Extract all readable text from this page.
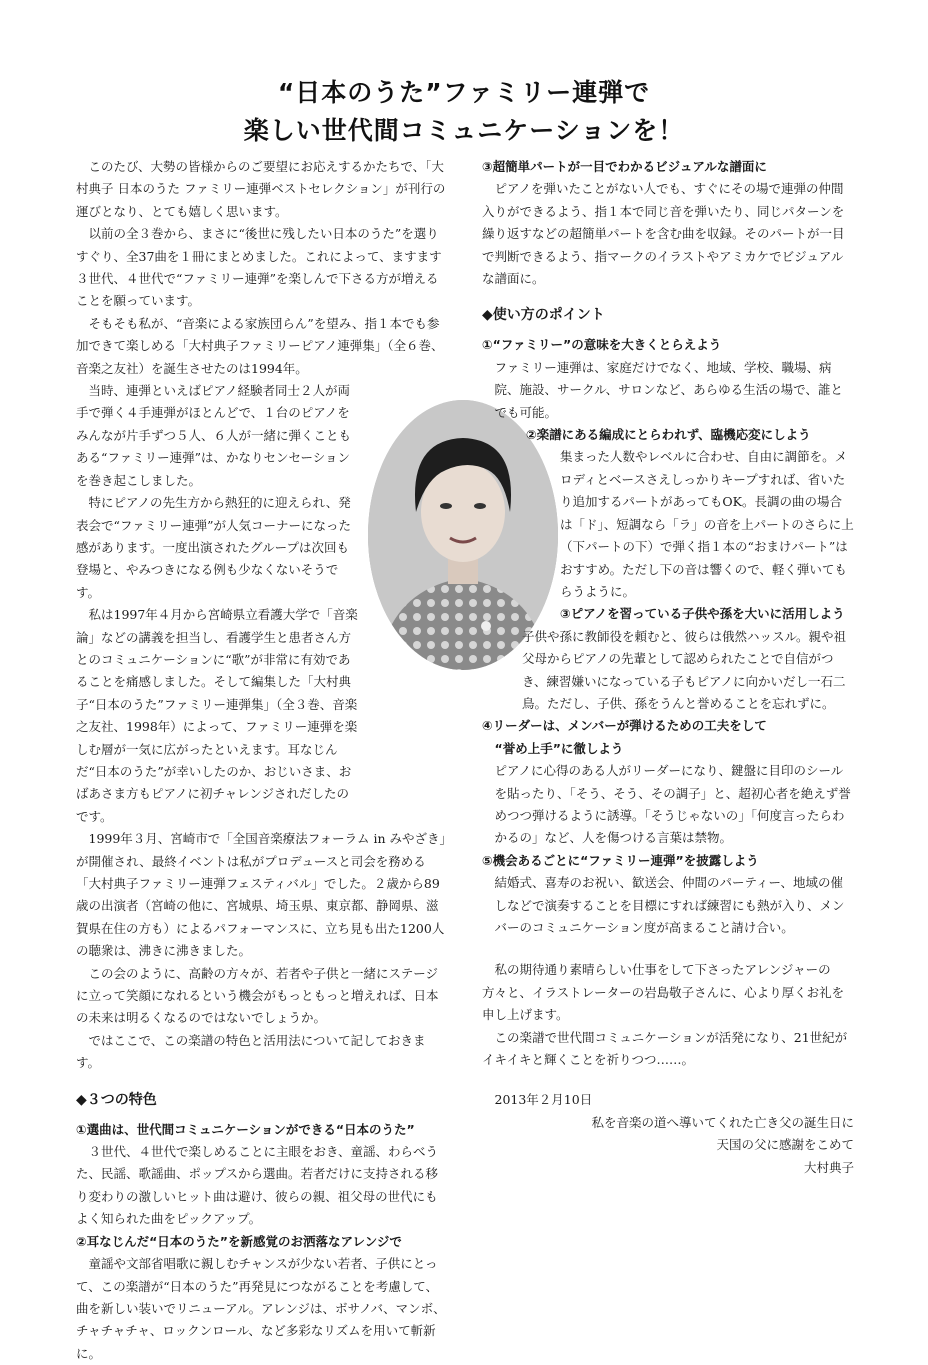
“日本のうた”ファミリー連弾で
楽しい世代間コミュニケーションを！

このたび、大勢の皆様からのご要望にお応えするかたちで、「大村典子 日本のうた ファミリー連弾ベストセレクション」が刊行の運びとなり、とても嬉しく思います。

以前の全３巻から、まさに“後世に残したい日本のうた”を選りすぐり、全37曲を１冊にまとめました。これによって、ますます３世代、４世代で“ファミリー連弾”を楽しんで下さる方が増えることを願っています。

そもそも私が、“音楽による家族団らん”を望み、指１本でも参加できて楽しめる「大村典子ファミリーピアノ連弾集」（全６巻、音楽之友社）を誕生させたのは1994年。

当時、連弾といえばピアノ経験者同士２人が両手で弾く４手連弾がほとんどで、１台のピアノをみんなが片手ずつ５人、６人が一緒に弾くこともある“ファミリー連弾”は、かなりセンセーションを巻き起こしました。

特にピアノの先生方から熱狂的に迎えられ、発表会で“ファミリー連弾”が人気コーナーになった感があります。一度出演されたグループは次回も登場と、やみつきになる例も少なくないそうです。

私は1997年４月から宮崎県立看護大学で「音楽論」などの講義を担当し、看護学生と患者さん方とのコミュニケーションに“歌”が非常に有効であることを痛感しました。そして編集した「大村典子“日本のうた”ファミリー連弾集」（全３巻、音楽之友社、1998年）によって、ファミリー連弾を楽しむ層が一気に広がったといえます。耳なじんだ“日本のうた”が幸いしたのか、おじいさま、おばあさま方もピアノに初チャレンジされだしたのです。

1999年３月、宮崎市で「全国音楽療法フォーラム in みやざき」が開催され、最終イベントは私がプロデュースと司会を務める「大村典子ファミリー連弾フェスティバル」でした。２歳から89歳の出演者（宮崎の他に、宮城県、埼玉県、東京都、静岡県、滋賀県在住の方も）によるパフォーマンスに、立ち見も出た1200人の聴衆は、沸きに沸きました。

この会のように、高齢の方々が、若者や子供と一緒にステージに立って笑顔になれるという機会がもっともっと増えれば、日本の未来は明るくなるのではないでしょうか。

ではここで、この楽譜の特色と活用法について記しておきます。

◆３つの特色
①選曲は、世代間コミュニケーションができる“日本のうた”

３世代、４世代で楽しめることに主眼をおき、童謡、わらべうた、民謡、歌謡曲、ポップスから選曲。若者だけに支持される移り変わりの激しいヒット曲は避け、彼らの親、祖父母の世代にもよく知られた曲をピックアップ。

②耳なじんだ“日本のうた”を新感覚のお洒落なアレンジで

童謡や文部省唱歌に親しむチャンスが少ない若者、子供にとって、この楽譜が“日本のうた”再発見につながることを考慮して、曲を新しい装いでリニューアル。アレンジは、ボサノバ、マンボ、チャチャチャ、ロックンロール、など多彩なリズムを用いて斬新に。

③超簡単パートが一目でわかるビジュアルな譜面に

ピアノを弾いたことがない人でも、すぐにその場で連弾の仲間入りができるよう、指１本で同じ音を弾いたり、同じパターンを繰り返すなどの超簡単パートを含む曲を収録。そのパートが一目で判断できるよう、指マークのイラストやアミカケでビジュアルな譜面に。

◆使い方のポイント
①“ファミリー”の意味を大きくとらえよう

ファミリー連弾は、家庭だけでなく、地域、学校、職場、病院、施設、サークル、サロンなど、あらゆる生活の場で、誰とでも可能。

②楽譜にある編成にとらわれず、臨機応変にしよう

集まった人数やレベルに合わせ、自由に調節を。メロディとベースさえしっかりキープすれば、省いたり追加するパートがあってもOK。長調の曲の場合は「ド」、短調なら「ラ」の音を上パートのさらに上（下パートの下）で弾く指１本の“おまけパート”はおすすめ。ただし下の音は響くので、軽く弾いてもらうように。

③ピアノを習っている子供や孫を大いに活用しよう

子供や孫に教師役を頼むと、彼らは俄然ハッスル。親や祖父母からピアノの先輩として認められたことで自信がつき、練習嫌いになっている子もピアノに向かいだし一石二鳥。ただし、子供、孫をうんと誉めることを忘れずに。

④リーダーは、メンバーが弾けるための工夫をして
“誉め上手”に徹しよう

ピアノに心得のある人がリーダーになり、鍵盤に目印のシールを貼ったり、「そう、そう、その調子」と、超初心者を絶えず誉めつつ弾けるように誘導。「そうじゃないの」「何度言ったらわかるの」など、人を傷つける言葉は禁物。

⑤機会あるごとに“ファミリー連弾”を披露しよう

結婚式、喜寿のお祝い、歓送会、仲間のパーティー、地域の催しなどで演奏することを目標にすれば練習にも熱が入り、メンバーのコミュニケーション度が高まること請け合い。

私の期待通り素晴らしい仕事をして下さったアレンジャーの方々と、イラストレーターの岩島敬子さんに、心より厚くお礼を申し上げます。

この楽譜で世代間コミュニケーションが活発になり、21世紀がイキイキと輝くことを祈りつつ……。

2013年２月10日

私を音楽の道へ導いてくれた亡き父の誕生日に

天国の父に感謝をこめて

大村典子
